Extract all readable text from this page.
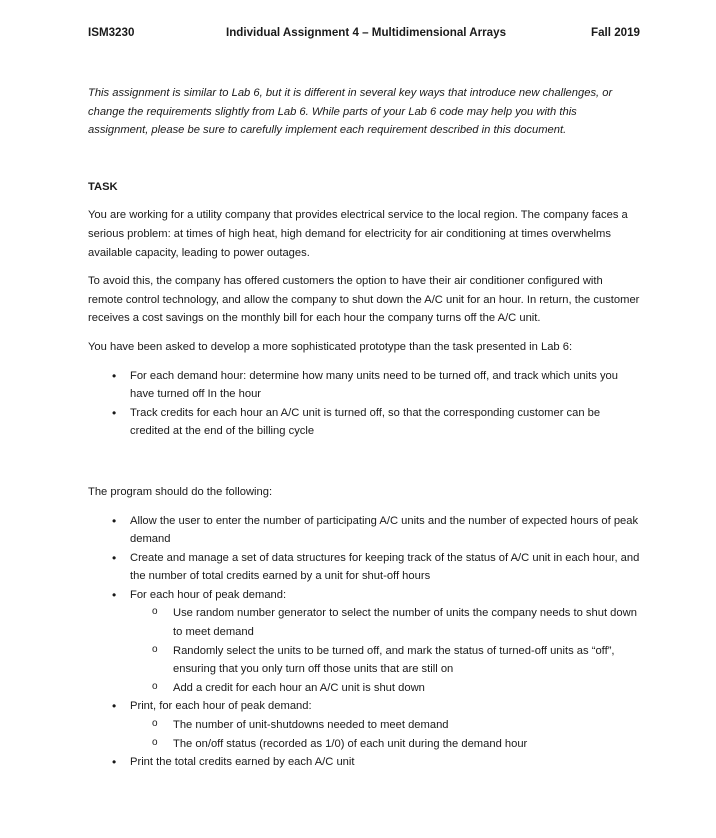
ISM3230	Individual Assignment 4 – Multidimensional Arrays	Fall 2019

This assignment is similar to Lab 6, but it is different in several key ways that introduce new challenges, or change the requirements slightly from Lab 6. While parts of your Lab 6 code may help you with this assignment, please be sure to carefully implement each requirement described in this document.

TASK

You are working for a utility company that provides electrical service to the local region. The company faces a serious problem: at times of high heat, high demand for electricity for air conditioning at times overwhelms available capacity, leading to power outages.

To avoid this, the company has offered customers the option to have their air conditioner configured with remote control technology, and allow the company to shut down the A/C unit for an hour. In return, the customer receives a cost savings on the monthly bill for each hour the company turns off the A/C unit.

You have been asked to develop a more sophisticated prototype than the task presented in Lab 6:

• For each demand hour: determine how many units need to be turned off, and track which units you have turned off In the hour
• Track credits for each hour an A/C unit is turned off, so that the corresponding customer can be credited at the end of the billing cycle

The program should do the following:

• Allow the user to enter the number of participating A/C units and the number of expected hours of peak demand
• Create and manage a set of data structures for keeping track of the status of A/C unit in each hour, and the number of total credits earned by a unit for shut-off hours
• For each hour of peak demand:
o Use random number generator to select the number of units the company needs to shut down to meet demand
o Randomly select the units to be turned off, and mark the status of turned-off units as “off”, ensuring that you only turn off those units that are still on
o Add a credit for each hour an A/C unit is shut down
• Print, for each hour of peak demand:
o The number of unit-shutdowns needed to meet demand
o The on/off status (recorded as 1/0) of each unit during the demand hour
• Print the total credits earned by each A/C unit
